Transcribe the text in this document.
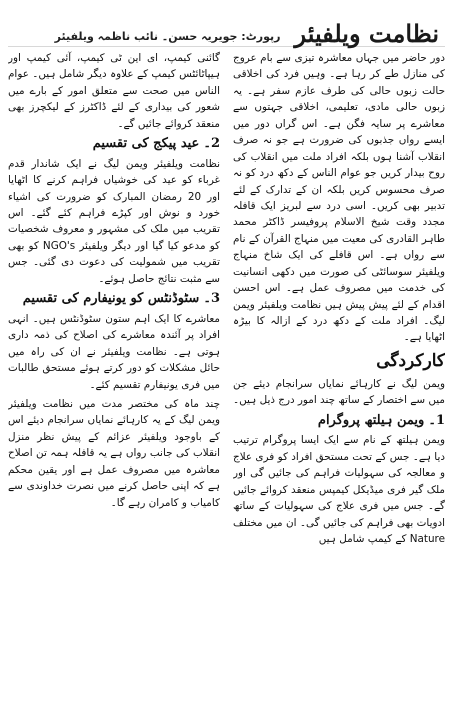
نظامت ویلفیئر
رپورٹ: جویریہ حسن۔ نائب ناظمہ ویلفیئر

دور حاضر میں جہاں معاشرہ تیزی سے بام عروج کی منازل طے کر رہا ہے۔ وہیں فرد کی اخلاقی حالت زبوں حالی کی طرف عازم سفر ہے۔ یہ زبوں حالی مادی، تعلیمی، اخلاقی جہتوں سے معاشرے پر سایہ فگن ہے۔ اس گراں دور میں ایسے رواں جذبوں کی ضرورت ہے جو نہ صرف انقلاب آشنا ہوں بلکہ افراد ملت میں انقلاب کی روح بیدار کریں جو عوام الناس کے دکھ درد کو نہ صرف محسوس کریں بلکہ ان کے تدارک کے لئے تدبیر بھی کریں۔ اسی درد سے لبریز ایک قافلہ مجدد وقت شیخ الاسلام پروفیسر ڈاکٹر محمد طاہر القادری کی معیت میں منہاج القرآن کے نام سے رواں ہے۔ اس قافلے کی ایک شاخ منہاج ویلفیئر سوسائٹی کی صورت میں دکھی انسانیت کی خدمت میں مصروف عمل ہے۔ اس احسن اقدام کے لئے پیش پیش ہیں نظامت ویلفیئر ویمن لیگ۔ افراد ملت کے دکھ درد کے ازالہ کا بیڑہ اٹھایا ہے۔

کارکردگی

ویمن لیگ نے کارہائے نمایاں سرانجام دیئے جن میں سے اختصار کے ساتھ چند امور درج ذیل ہیں۔

1۔ویمن ہیلتھ پروگرام

ویمن ہیلتھ کے نام سے ایک ایسا پروگرام ترتیب دیا ہے۔ جس کے تحت مستحق افراد کو فری علاج و معالجہ کی سہولیات فراہم کی جائیں گی اور ملک گیر فری میڈیکل کیمپس منعقد کروائے جائیں گے۔ جس میں فری علاج کی سہولیات کے ساتھ ادویات بھی فراہم کی جائیں گی۔ ان میں مختلف Nature کے کیمپ شامل ہیں

گائنی کیمپ، ای این ٹی کیمپ، آئی کیمپ اور ہیپاٹائٹس کیمپ کے علاوہ دیگر شامل ہیں۔ عوام الناس میں صحت سے متعلق امور کے بارے میں شعور کی بیداری کے لئے ڈاکٹرز کے لیکچرز بھی منعقد کروائے جائیں گے۔

2۔عید پیکج کی تقسیم

نظامت ویلفیئر ویمن لیگ نے ایک شاندار قدم غرباء کو عید کی خوشیاں فراہم کرنے کا اٹھایا اور 20 رمضان المبارک کو ضرورت کی اشیاء خورد و نوش اور کپڑے فراہم کئے گئے۔ اس تقریب میں ملک کی مشہور و معروف شخصیات کو مدعو کیا گیا اور دیگر ویلفیئر NGO's کو بھی تقریب میں شمولیت کی دعوت دی گئی۔ جس سے مثبت نتائج حاصل ہوئے۔

3۔سٹوڈنٹس کو یونیفارم کی تقسیم

معاشرے کا ایک اہم ستون سٹوڈنٹس ہیں۔ انہی افراد پر آئندہ معاشرے کی اصلاح کی ذمہ داری ہوتی ہے۔ نظامت ویلفیئر نے ان کی راہ میں حائل مشکلات کو دور کرتے ہوئے مستحق طالبات میں فری یونیفارم تقسیم کئے۔

چند ماہ کی مختصر مدت میں نظامت ویلفیئر ویمن لیگ کے یہ کارہائے نمایاں سرانجام دیئے اس کے باوجود ویلفیئر عزائم کے پیش نظر منزل انقلاب کی جانب رواں ہے یہ قافلہ ہمہ تن اصلاح معاشرہ میں مصروف عمل ہے اور یقین محکم ہے کہ اپنی حاصل کرنے میں نصرت خداوندی سے کامیاب و کامران رہے گا۔
